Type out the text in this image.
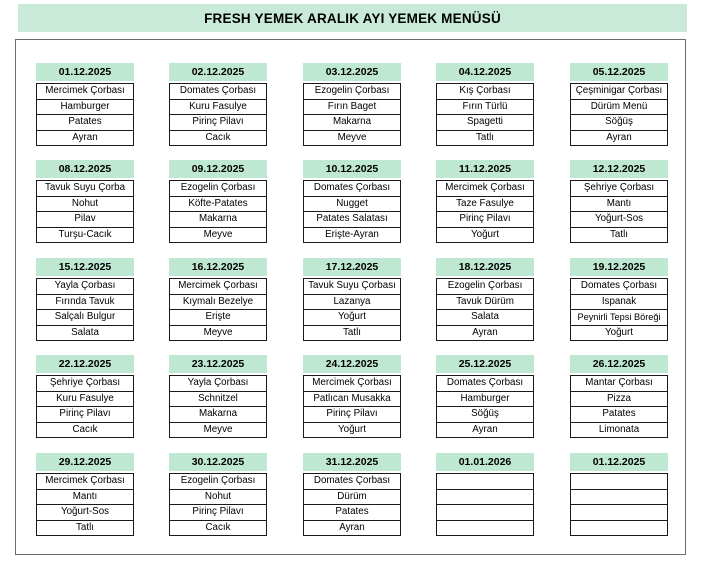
FRESH YEMEK ARALIK AYI YEMEK MENÜSÜ
01.12.2025
Mercimek Çorbası
Hamburger
Patates
Ayran
02.12.2025
Domates Çorbası
Kuru Fasulye
Pirinç Pilavı
Cacık
03.12.2025
Ezogelin Çorbası
Fırın Baget
Makarna
Meyve
04.12.2025
Kış Çorbası
Fırın Türlü
Spagetti
Tatlı
05.12.2025
Çeşminigar Çorbası
Dürüm Menü
Söğüş
Ayran
08.12.2025
Tavuk Suyu Çorba
Nohut
Pilav
Turşu-Cacık
09.12.2025
Ezogelin Çorbası
Köfte-Patates
Makarna
Meyve
10.12.2025
Domates Çorbası
Nugget
Patates Salatası
Erişte-Ayran
11.12.2025
Mercimek Çorbası
Taze Fasulye
Pirinç Pilavı
Yoğurt
12.12.2025
Şehriye Çorbası
Mantı
Yoğurt-Sos
Tatlı
15.12.2025
Yayla Çorbası
Fırında Tavuk
Salçalı Bulgur
Salata
16.12.2025
Mercimek Çorbası
Kıymalı Bezelye
Erişte
Meyve
17.12.2025
Tavuk Suyu Çorbası
Lazanya
Yoğurt
Tatlı
18.12.2025
Ezogelin Çorbası
Tavuk Dürüm
Salata
Ayran
19.12.2025
Domates Çorbası
Ispanak
Peynirli Tepsi Böreği
Yoğurt
22.12.2025
Şehriye Çorbası
Kuru Fasulye
Pirinç Pilavı
Cacık
23.12.2025
Yayla Çorbası
Schnitzel
Makarna
Meyve
24.12.2025
Mercimek Çorbası
Patlıcan Musakka
Pirinç Pilavı
Yoğurt
25.12.2025
Domates Çorbası
Hamburger
Söğüş
Ayran
26.12.2025
Mantar Çorbası
Pizza
Patates
Limonata
29.12.2025
Mercimek Çorbası
Mantı
Yoğurt-Sos
Tatlı
30.12.2025
Ezogelin Çorbası
Nohut
Pirinç Pilavı
Cacık
31.12.2025
Domates Çorbası
Dürüm
Patates
Ayran
01.01.2026	01.12.2025
